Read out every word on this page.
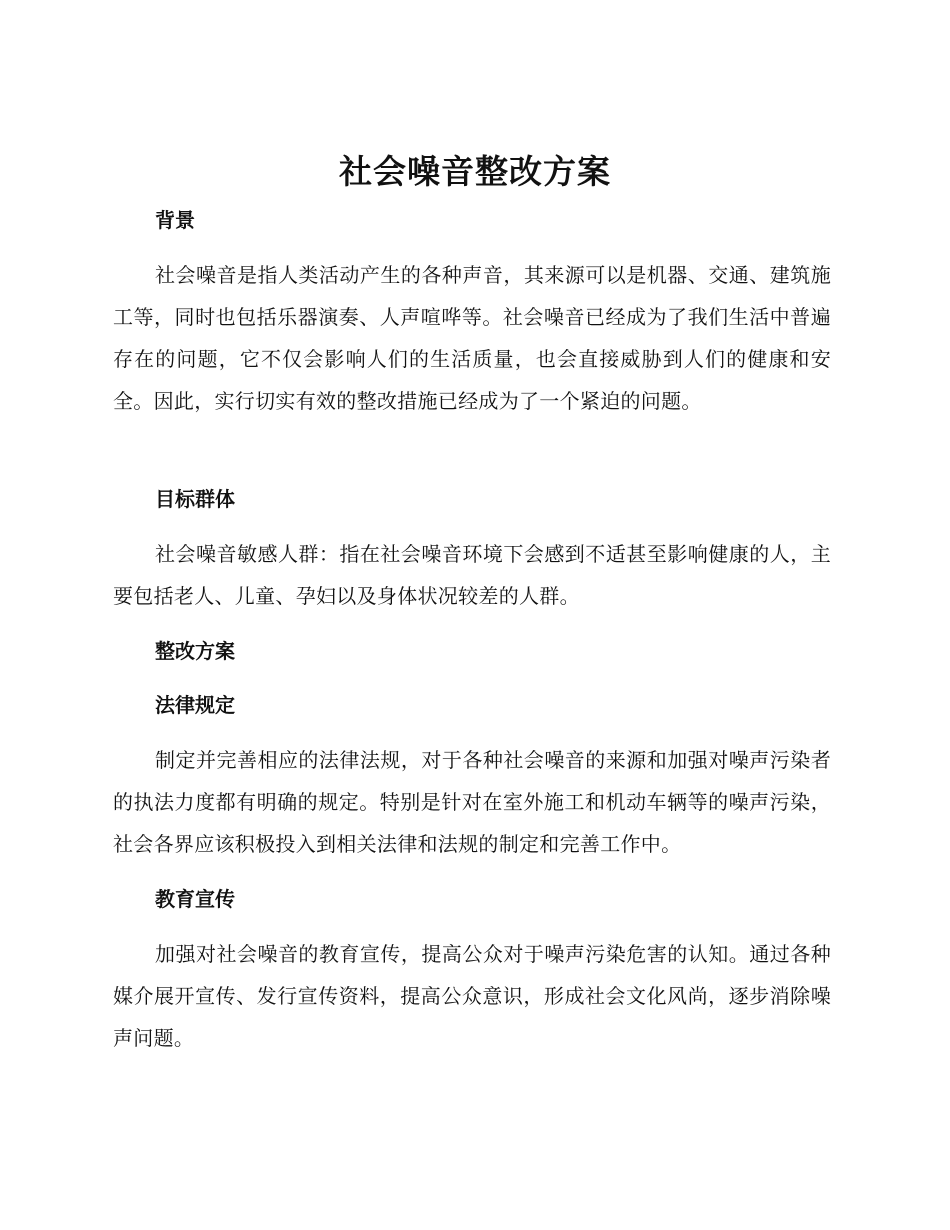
社会噪音整改方案
背景

社会噪音是指人类活动产生的各种声音，其来源可以是机器、交通、建筑施工等，同时也包括乐器演奏、人声喧哗等。社会噪音已经成为了我们生活中普遍存在的问题，它不仅会影响人们的生活质量，也会直接威胁到人们的健康和安全。因此，实行切实有效的整改措施已经成为了一个紧迫的问题。

目标群体

社会噪音敏感人群：指在社会噪音环境下会感到不适甚至影响健康的人，主要包括老人、儿童、孕妇以及身体状况较差的人群。

整改方案
法律规定

制定并完善相应的法律法规，对于各种社会噪音的来源和加强对噪声污染者的执法力度都有明确的规定。特别是针对在室外施工和机动车辆等的噪声污染，社会各界应该积极投入到相关法律和法规的制定和完善工作中。

教育宣传

加强对社会噪音的教育宣传，提高公众对于噪声污染危害的认知。通过各种媒介展开宣传、发行宣传资料，提高公众意识，形成社会文化风尚，逐步消除噪声问题。
